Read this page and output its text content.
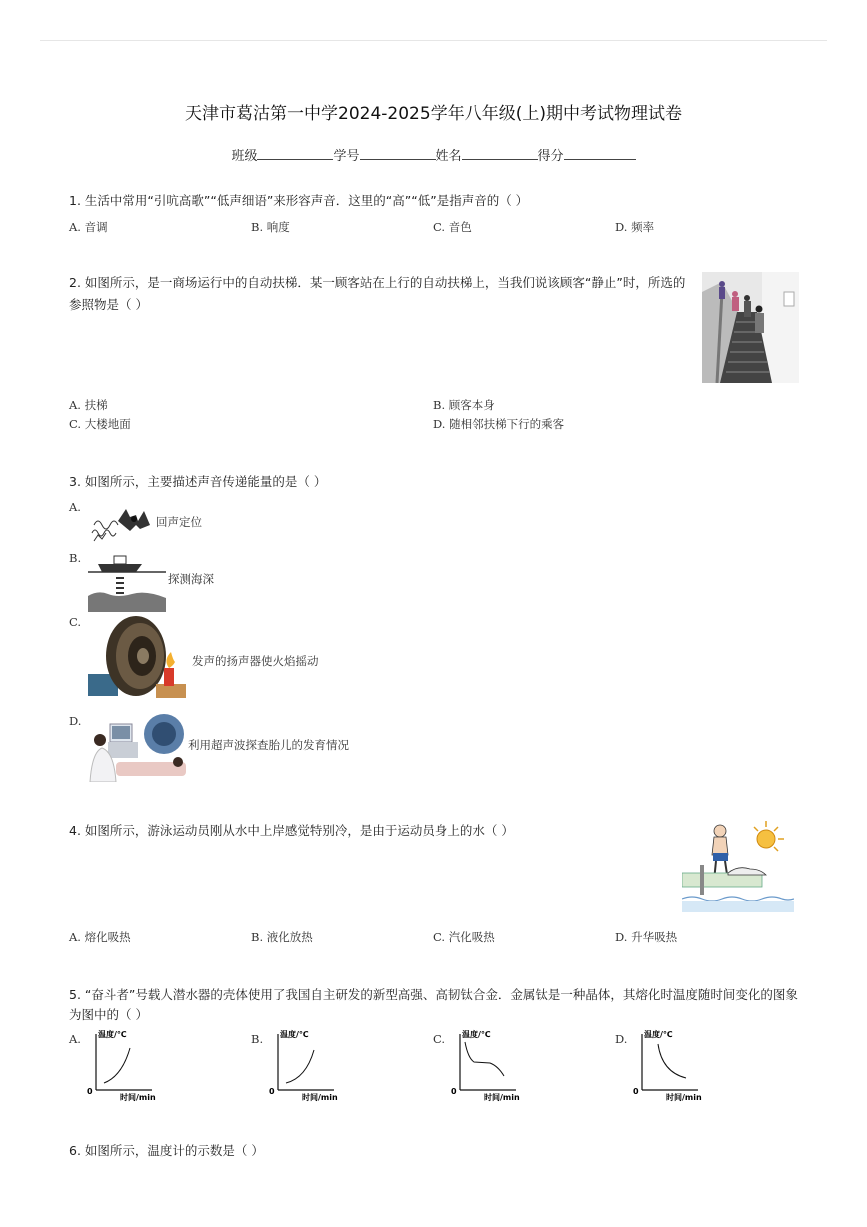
天津市葛沽第一中学2024-2025学年八年级(上)期中考试物理试卷
班级	学号	姓名	得分
1. 生活中常用“引吭高歌”“低声细语”来形容声音．这里的“高”“低”是指声音的（ ）
A. 音调	B. 响度	C. 音色	D. 频率
2. 如图所示，是一商场运行中的自动扶梯．某一顾客站在上行的自动扶梯上，当我们说该顾客“静止”时，所选的参照物是（ ）
A. 扶梯	B. 顾客本身
C. 大楼地面	D. 随相邻扶梯下行的乘客
3. 如图所示，主要描述声音传递能量的是（ ）
A.
回声定位
B.
探测海深
C.
发声的扬声器使火焰摇动
D.
利用超声波探查胎儿的发育情况
4. 如图所示，游泳运动员刚从水中上岸感觉特别冷，是由于运动员身上的水（ ）
A. 熔化吸热	B. 液化放热	C. 汽化吸热	D. 升华吸热
5. “奋斗者”号载人潜水器的壳体使用了我国自主研发的新型高强、高韧钛合金．金属钛是一种晶体，其熔化时温度随时间变化的图象为图中的（ ）
A. 温度/℃
0
时间/min
B. 温度/℃
0
时间/min
C. 温度/℃
0
时间/min
D. 温度/℃
0
时间/min
6. 如图所示，温度计的示数是（ ）
